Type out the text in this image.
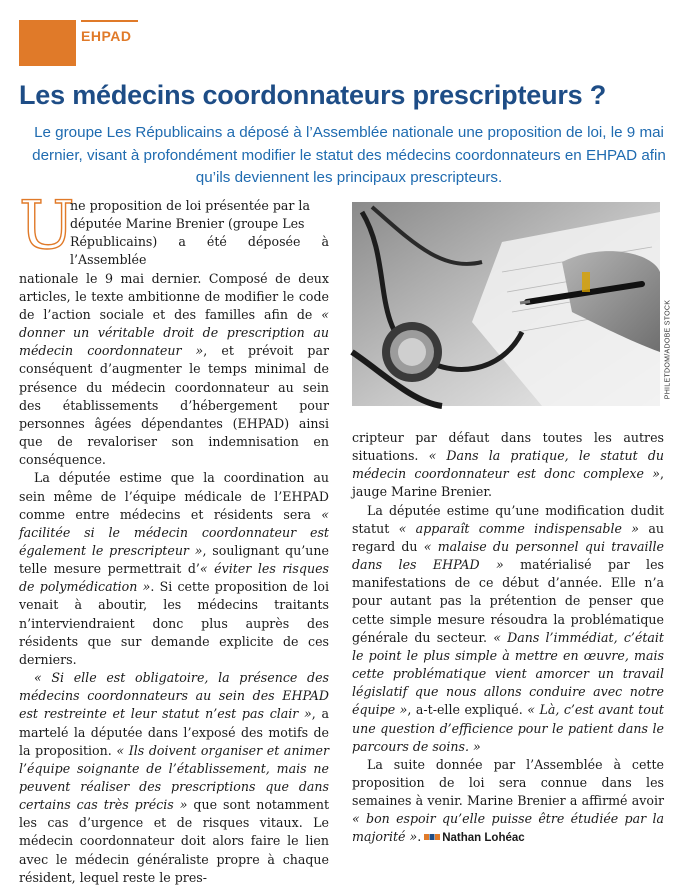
EHPAD
Les médecins coordonnateurs prescripteurs ?

Le groupe Les Républicains a déposé à l’Assemblée nationale une proposition de loi, le 9 mai dernier, visant à profondément modifier le statut des médecins coordonnateurs en EHPAD afin qu’ils deviennent les principaux prescripteurs.

U

ne proposition de loi présentée par la
députée Marine Brenier (groupe Les
Républicains) a été déposée à l’Assemblée
nationale le 9 mai dernier. Composé de deux articles, le texte ambitionne de modifier le code de l’action sociale et des familles afin de « donner un véritable droit de prescription au médecin coordonnateur », et prévoit par conséquent d’augmenter le temps minimal de présence du médecin coordonnateur au sein des établissements d’hébergement pour personnes âgées dépendantes (EHPAD) ainsi que de revaloriser son indemnisation en conséquence.

La députée estime que la coordination au sein même de l’équipe médicale de l’EHPAD comme entre médecins et résidents sera « facilitée si le médecin coordonnateur est également le prescripteur », soulignant qu’une telle mesure permettrait d’« éviter les risques de polymédication ». Si cette proposition de loi venait à aboutir, les médecins traitants n’interviendraient donc plus auprès des résidents que sur demande explicite de ces derniers.

« Si elle est obligatoire, la présence des médecins coordonnateurs au sein des EHPAD est restreinte et leur statut n’est pas clair », a martelé la députée dans l’exposé des motifs de la proposition. « Ils doivent organiser et animer l’équipe soignante de l’établissement, mais ne peuvent réaliser des prescriptions que dans certains cas très précis » que sont notamment les cas d’urgence et de risques vitaux. Le médecin coordonnateur doit alors faire le lien avec le médecin généraliste propre à chaque résident, lequel reste le pres-

PHILETDOM/ADOBE STOCK

cripteur par défaut dans toutes les autres situations. « Dans la pratique, le statut du médecin coordonnateur est donc complexe », jauge Marine Brenier.

La députée estime qu’une modification dudit statut « apparaît comme indispensable » au regard du « malaise du personnel qui travaille dans les EHPAD » matérialisé par les manifestations de ce début d’année. Elle n’a pour autant pas la prétention de penser que cette simple mesure résoudra la problématique générale du secteur. « Dans l’immédiat, c’était le point le plus simple à mettre en œuvre, mais cette problématique vient amorcer un travail législatif que nous allons conduire avec notre équipe », a-t-elle expliqué. « Là, c’est avant tout une question d’efficience pour le patient dans le parcours de soins. »

La suite donnée par l’Assemblée à cette proposition de loi sera connue dans les semaines à venir. Marine Brenier a affirmé avoir « bon espoir qu’elle puisse être étudiée par la majorité ». Nathan Lohéac
